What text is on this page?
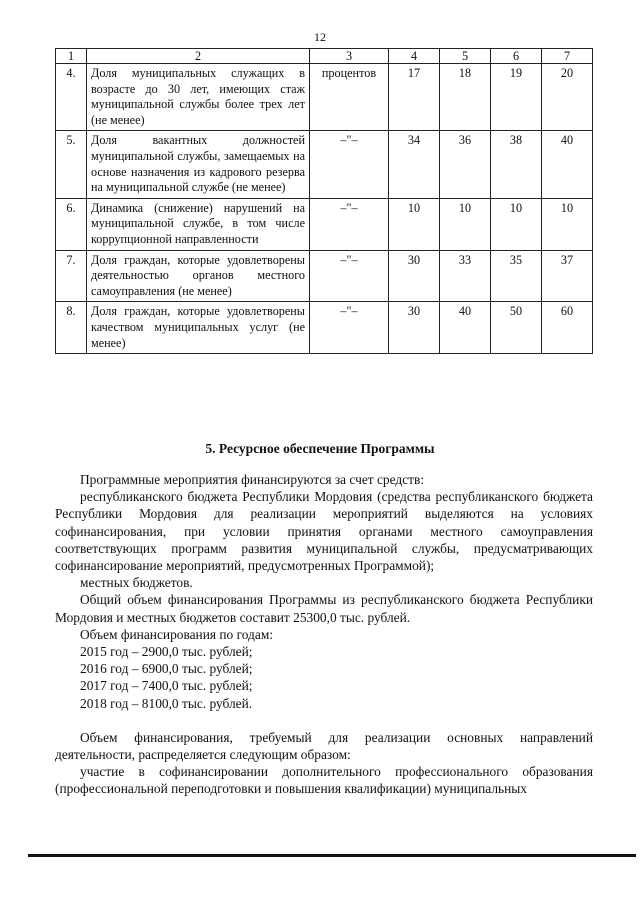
12
1	2	3	4	5	6	7
4.	Доля муниципальных служащих в возрасте до 30 лет, имеющих стаж муниципальной службы более трех лет (не менее)	процентов	17	18	19	20
5.	Доля вакантных должностей муниципальной службы, замещаемых на основе назначения из кадрового резерва на муниципальной службе (не менее)	–"–	34	36	38	40
6.	Динамика (снижение) нарушений на муниципальной службе, в том числе коррупционной направленности	–"–	10	10	10	10
7.	Доля граждан, которые удовлетворены деятельностью органов местного самоуправления (не менее)	–"–	30	33	35	37
8.	Доля граждан, которые удовлетворены качеством муниципальных услуг (не менее)	–"–	30	40	50	60
5. Ресурсное обеспечение Программы

Программные мероприятия финансируются за счет средств:

республиканского бюджета Республики Мордовия (средства республиканского бюджета Республики Мордовия для реализации мероприятий выделяются на условиях софинансирования, при условии принятия органами местного самоуправления соответствующих программ развития муниципальной службы, предусматривающих софинансирование мероприятий, предусмотренных Программой);

местных бюджетов.

Общий объем финансирования Программы из республиканского бюджета Республики Мордовия и местных бюджетов составит 25300,0 тыс. рублей.

Объем финансирования по годам:

2015 год – 2900,0 тыс. рублей;

2016 год – 6900,0 тыс. рублей;

2017 год – 7400,0 тыс. рублей;

2018 год – 8100,0 тыс. рублей.

Объем финансирования, требуемый для реализации основных направлений деятельности, распределяется следующим образом:

участие в софинансировании дополнительного профессионального образования (профессиональной переподготовки и повышения квалификации) муниципальных
